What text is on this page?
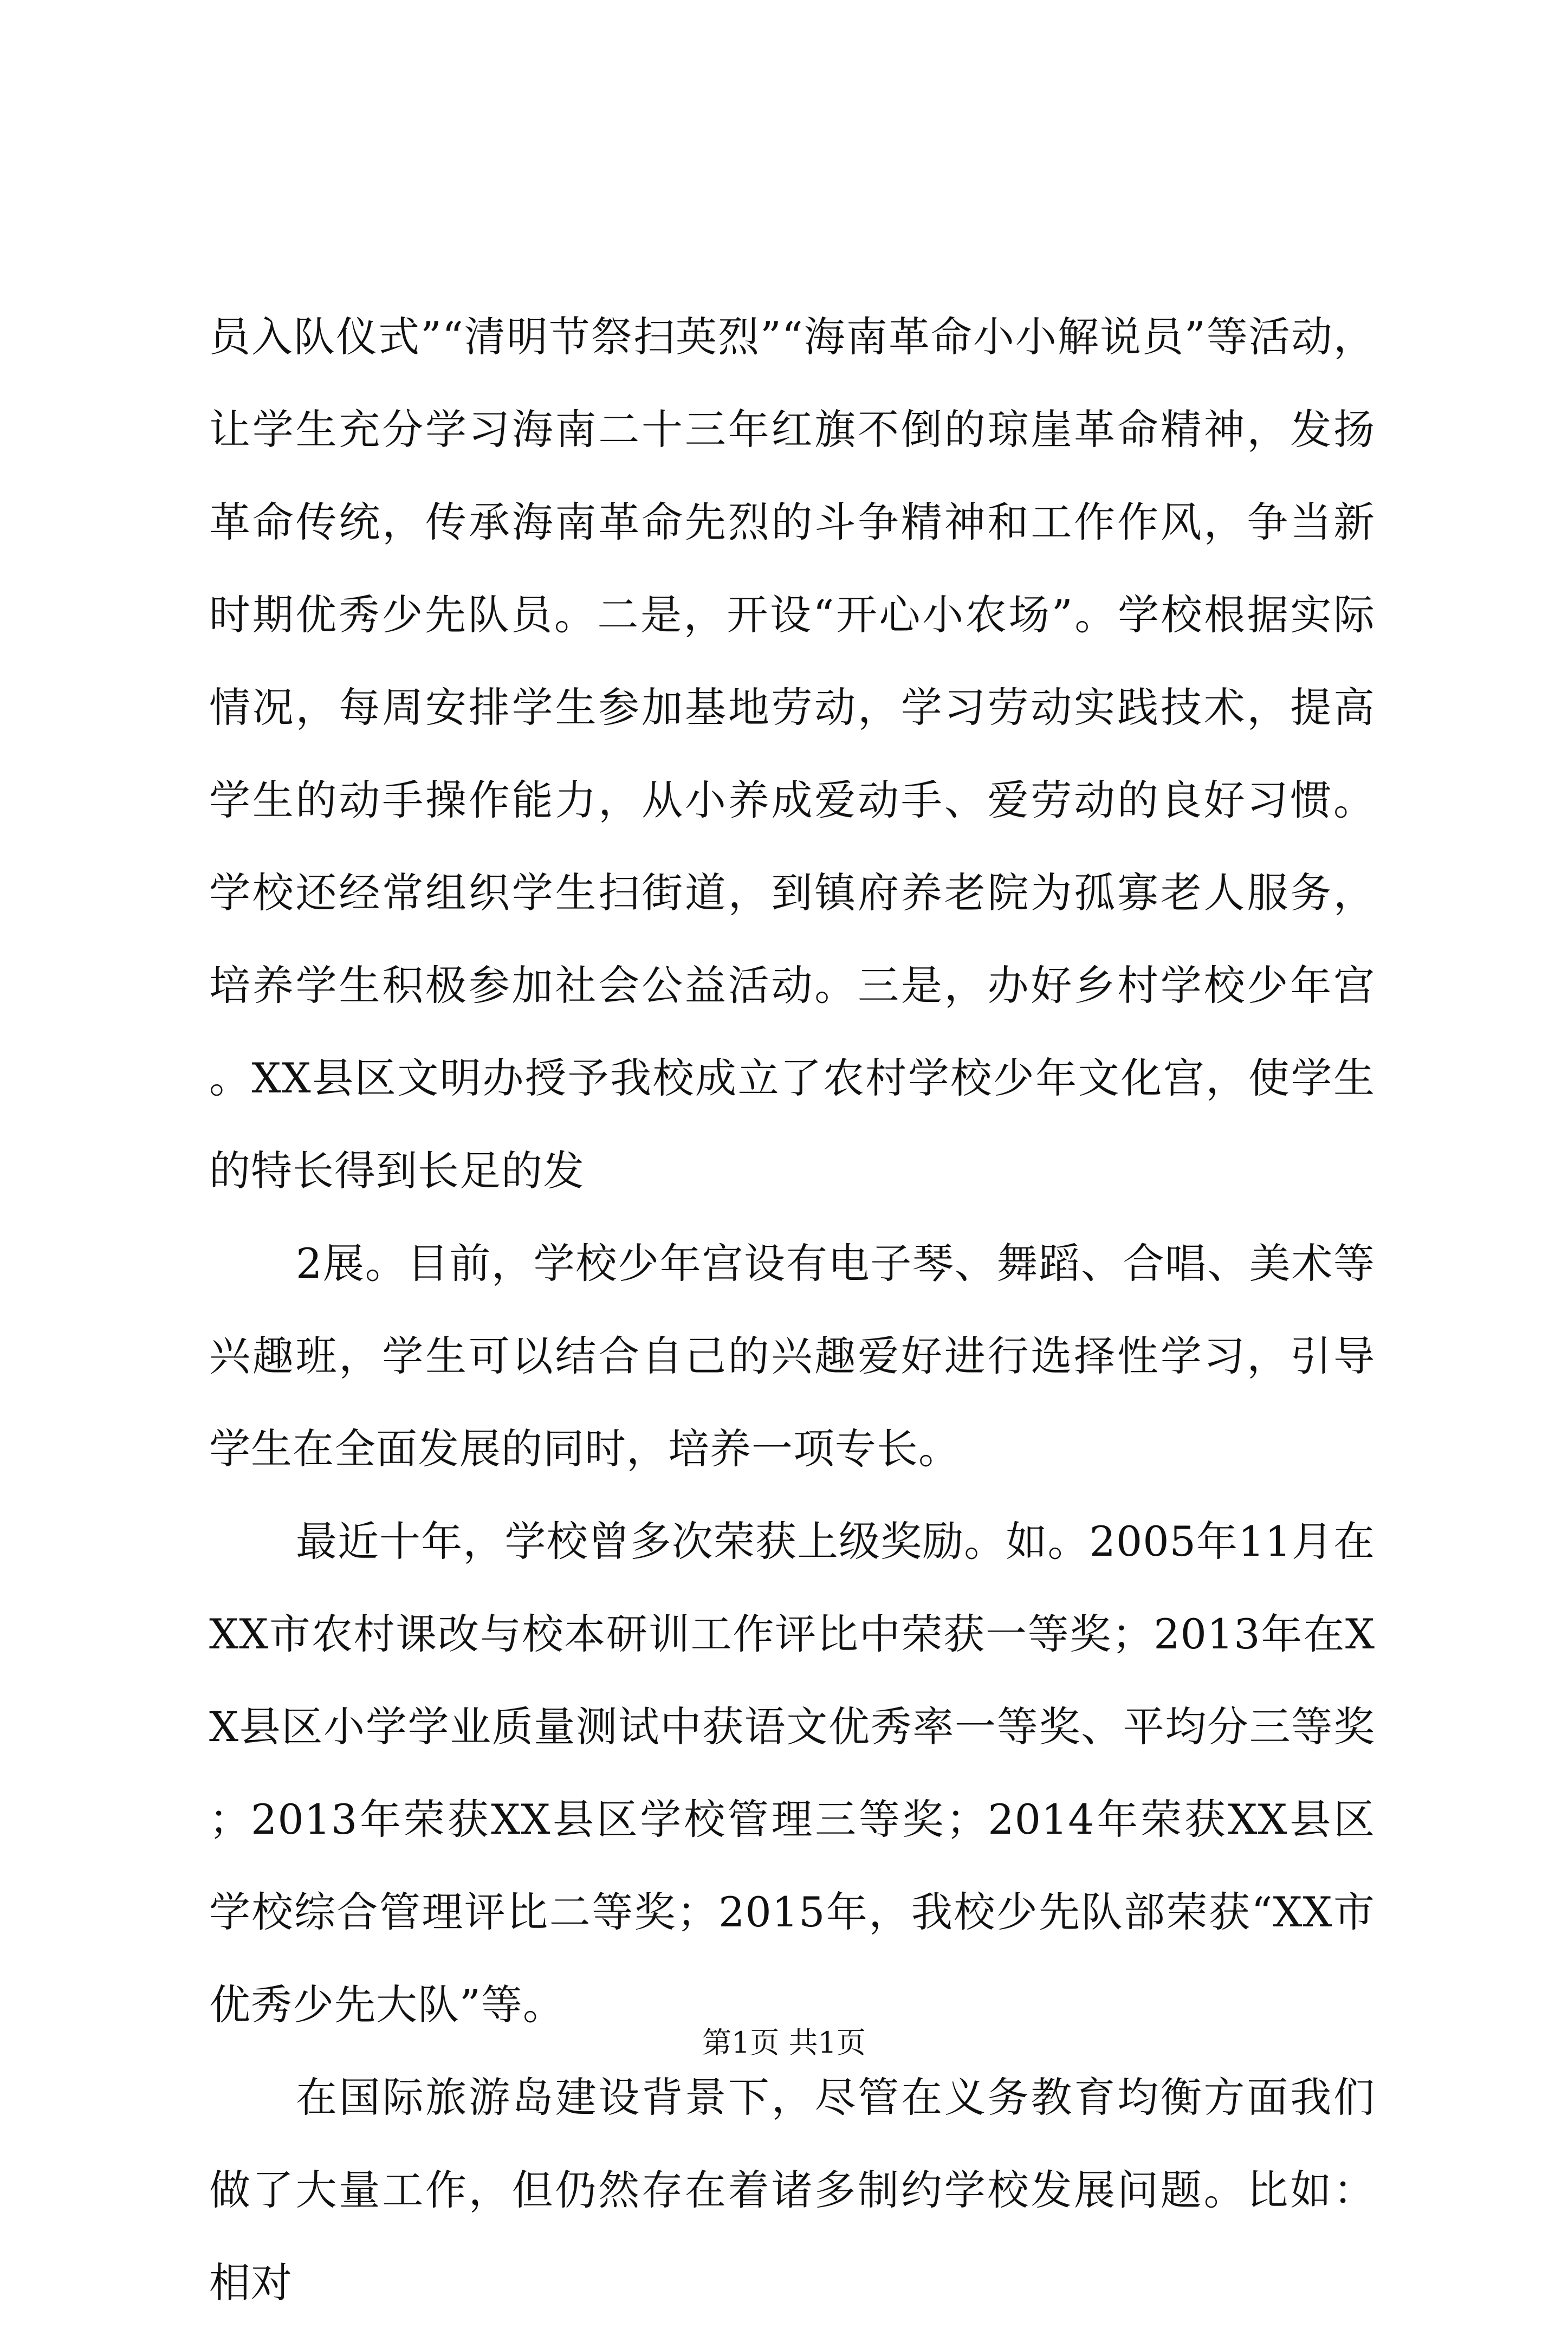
员入队仪式”“清明节祭扫英烈”“海南革命小小解说员”等活动，让学生充分学习海南二十三年红旗不倒的琼崖革命精神，发扬革命传统，传承海南革命先烈的斗争精神和工作作风，争当新时期优秀少先队员。二是，开设“开心小农场”。学校根据实际情况，每周安排学生参加基地劳动，学习劳动实践技术，提高学生的动手操作能力，从小养成爱动手、爱劳动的良好习惯。学校还经常组织学生扫街道，到镇府养老院为孤寡老人服务，培养学生积极参加社会公益活动。三是，办好乡村学校少年宫。XX县区文明办授予我校成立了农村学校少年文化宫，使学生的特长得到长足的发

2展。目前，学校少年宫设有电子琴、舞蹈、合唱、美术等兴趣班，学生可以结合自己的兴趣爱好进行选择性学习，引导学生在全面发展的同时，培养一项专长。

最近十年，学校曾多次荣获上级奖励。如。2005年11月在XX市农村课改与校本研训工作评比中荣获一等奖；2013年在XX县区小学学业质量测试中获语文优秀率一等奖、平均分三等奖；2013年荣获XX县区学校管理三等奖；2014年荣获XX县区学校综合管理评比二等奖；2015年，我校少先队部荣获“XX市优秀少先大队”等。

在国际旅游岛建设背景下，尽管在义务教育均衡方面我们做了大量工作，但仍然存在着诸多制约学校发展问题。比如：相对

第1页 共1页
